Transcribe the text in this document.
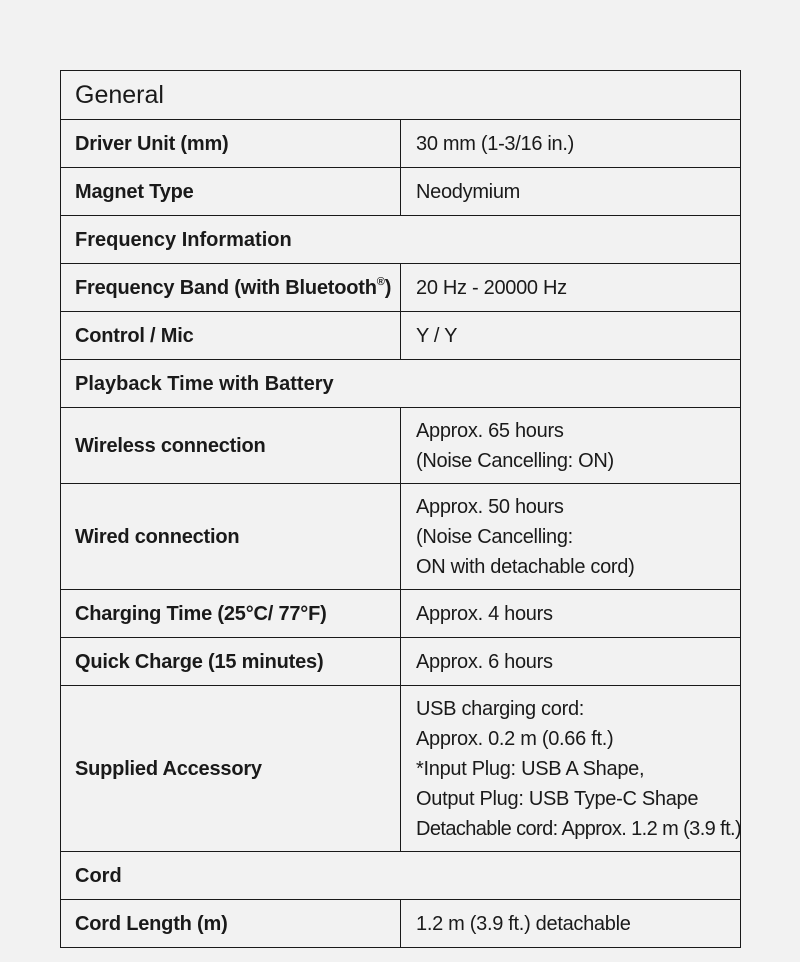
General	
Driver Unit (mm)	30 mm (1-3/16 in.)

Magnet Type	Neodymium

Frequency Information	
Frequency Band (with Bluetooth®)	20 Hz - 20000 Hz

Control / Mic	Y / Y

Playback Time with Battery	
Wireless connection	Approx. 65 hours
(Noise Cancelling: ON)

Wired connection	Approx. 50 hours
(Noise Cancelling:
ON with detachable cord)

Charging Time (25°C/ 77°F)	Approx. 4 hours

Quick Charge (15 minutes)	Approx. 6 hours

Supplied Accessory	USB charging cord:
Approx. 0.2 m (0.66 ft.)
*Input Plug: USB A Shape,
Output Plug: USB Type-C Shape
Detachable cord: Approx. 1.2 m (3.9 ft.)

Cord	
Cord Length (m)	1.2 m (3.9 ft.) detachable
